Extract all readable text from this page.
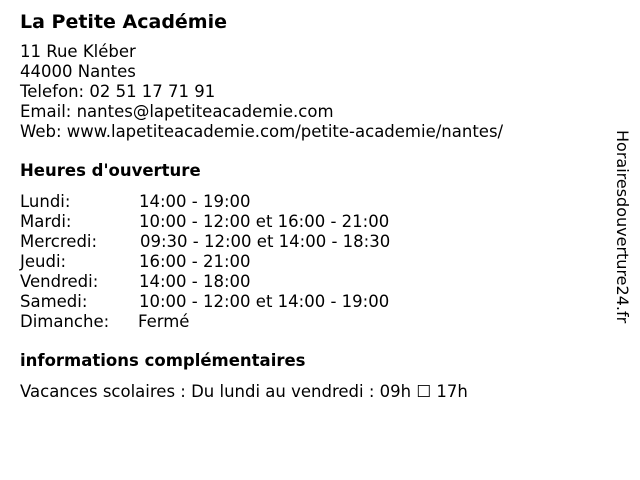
La Petite Académie
11 Rue Kléber
44000 Nantes
Telefon: 02 51 17 71 91
Email: nantes@lapetiteacademie.com
Web: www.lapetiteacademie.com/petite-academie/nantes/
Heures d'ouverture
Lundi:	14:00 - 19:00
Mardi:	10:00 - 12:00 et 16:00 - 21:00
Mercredi:	09:30 - 12:00 et 14:00 - 18:30
Jeudi:	16:00 - 21:00
Vendredi: 14:00 - 18:00
Samedi:	10:00 - 12:00 et 14:00 - 19:00
Dimanche: Fermé
informations complémentaires
Vacances scolaires : Du lundi au vendredi : 09h ☐ 17h
Horairesdouverture24.fr
